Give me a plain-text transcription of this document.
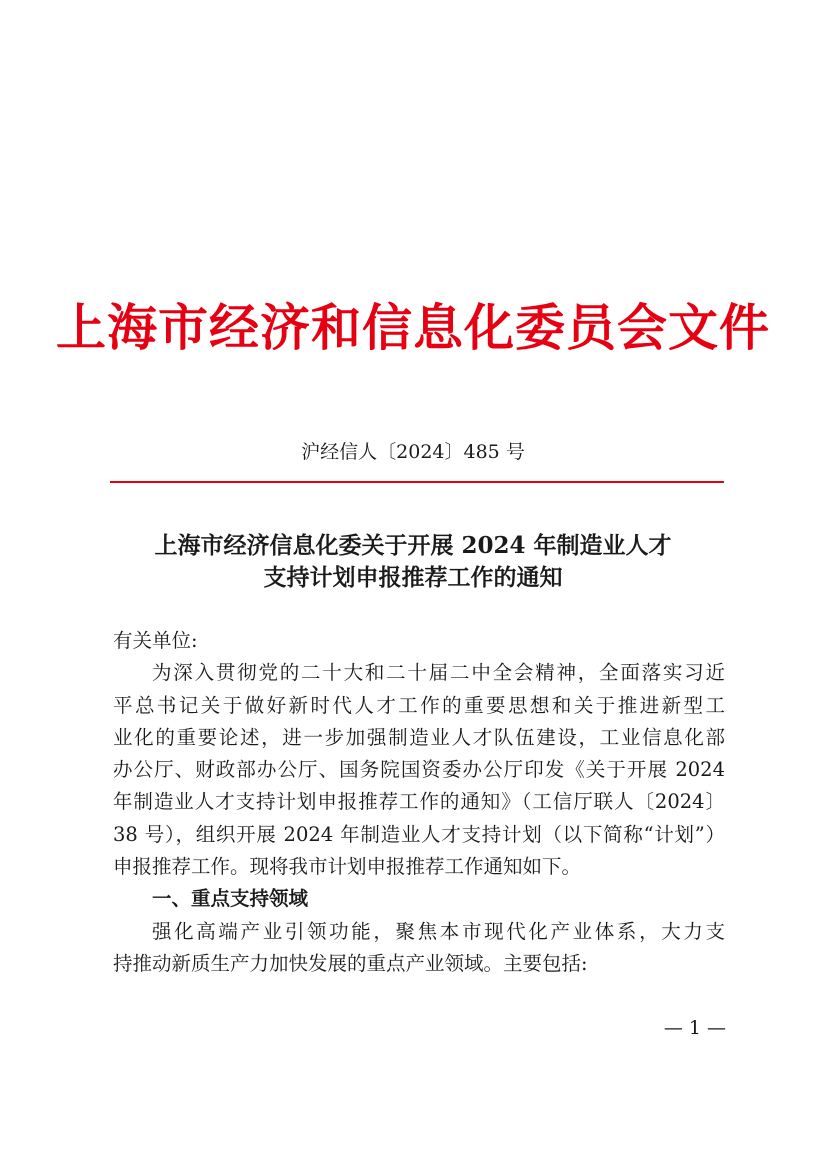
上海市经济和信息化委员会文件
沪经信人〔2024〕485 号
上海市经济信息化委关于开展 2024 年制造业人才
支持计划申报推荐工作的通知
有关单位:

为深入贯彻党的二十大和二十届二中全会精神，全面落实习近
平总书记关于做好新时代人才工作的重要思想和关于推进新型工
业化的重要论述，进一步加强制造业人才队伍建设，工业信息化部
办公厅、财政部办公厅、国务院国资委办公厅印发《关于开展 2024
年制造业人才支持计划申报推荐工作的通知》（工信厅联人〔2024〕
38 号），组织开展 2024 年制造业人才支持计划（以下简称“计划”）
申报推荐工作。现将我市计划申报推荐工作通知如下。

一、重点支持领域

强化高端产业引领功能，聚焦本市现代化产业体系，大力支
持推动新质生产力加快发展的重点产业领域。主要包括:

— 1 —
